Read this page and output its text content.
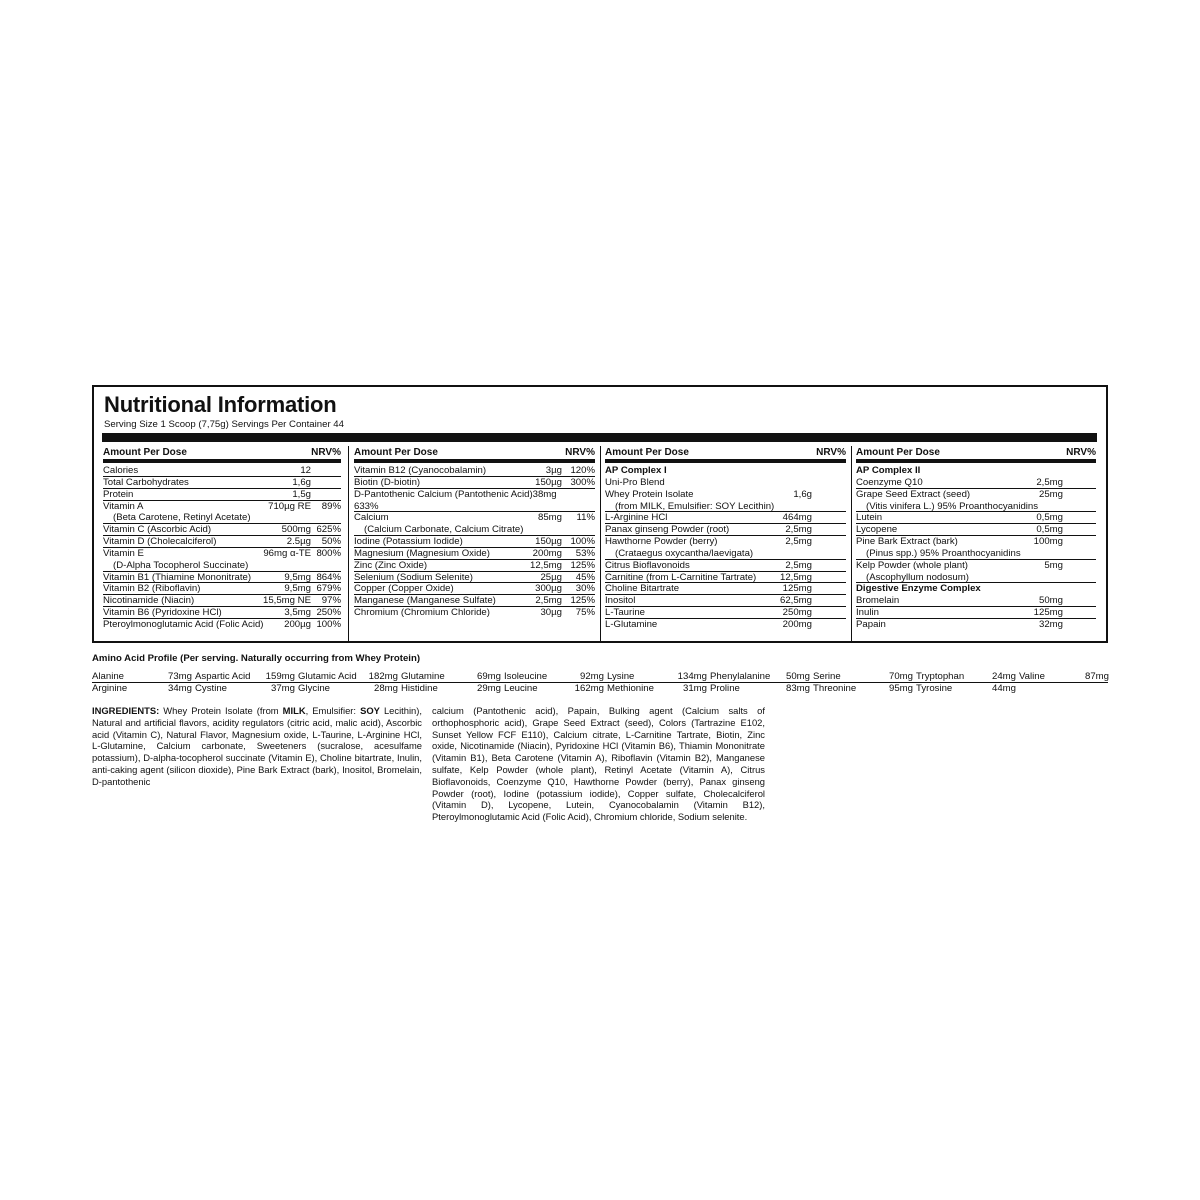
Nutritional Information
Serving Size 1 Scoop (7,75g) Servings Per Container 44
Amount Per Dose	NRV%
Calories	12
Total Carbohydrates	1,6g
Protein	1,5g
Vitamin A	710µg RE 89%
(Beta Carotene, Retinyl Acetate)
Vitamin C (Ascorbic Acid)	500mg 625%
Vitamin D (Cholecalciferol)	2.5µg 50%
Vitamin E	96mg α-TE 800%
(D-Alpha Tocopherol Succinate)
Vitamin B1 (Thiamine Mononitrate)	9,5mg 864%
Vitamin B2 (Riboflavin)	9,5mg 679%
Nicotinamide (Niacin)	15,5mg NE 97%
Vitamin B6 (Pyridoxine HCl)	3,5mg 250%
Pteroylmonoglutamic Acid (Folic Acid) 200µg 100%
Amount Per Dose	NRV%
Vitamin B12 (Cyanocobalamin)	3µg 120%
Biotin (D-biotin)	150µg 300%
D-Pantothenic Calcium (Pantothenic Acid)38mg
633%
Calcium	85mg 11%
(Calcium Carbonate, Calcium Citrate)
Iodine (Potassium Iodide)	150µg 100%
Magnesium (Magnesium Oxide)	200mg 53%
Zinc (Zinc Oxide)	12,5mg 125%
Selenium (Sodium Selenite)	25µg 45%
Copper (Copper Oxide)	300µg 30%
Manganese (Manganese Sulfate)	2,5mg 125%
Chromium (Chromium Chloride)	30µg 75%
Amount Per Dose	NRV%
AP Complex I
Uni-Pro Blend
Whey Protein Isolate	1,6g
(from MILK, Emulsifier: SOY Lecithin)
L-Arginine HCl	464mg
Panax ginseng Powder (root)	2,5mg
Hawthorne Powder (berry)	2,5mg
(Crataegus oxycantha/laevigata)
Citrus Bioflavonoids	2,5mg
Carnitine (from L-Carnitine Tartrate) 12,5mg
Choline Bitartrate	125mg
Inositol	62,5mg
L-Taurine	250mg
L-Glutamine	200mg
Amount Per Dose	NRV%
AP Complex II
Coenzyme Q10	2,5mg
Grape Seed Extract (seed)	25mg
(Vitis vinifera L.) 95% Proanthocyanidins
Lutein	0,5mg
Lycopene	0,5mg
Pine Bark Extract (bark)	100mg
(Pinus spp.) 95% Proanthocyanidins
Kelp Powder (whole plant)	5mg
(Ascophyllum nodosum)
Digestive Enzyme Complex
Bromelain	50mg
Inulin	125mg
Papain	32mg
Amino Acid Profile (Per serving. Naturally occurring from Whey Protein)
Alanine	73mg Aspartic Acid 159mg Glutamic Acid 182mg Glutamine	69mg Isoleucine	92mg Lysine	134mg Phenylalanine 50mg Serine	70mg Tryptophan	24mg Valine	87mg
Arginine	34mg Cystine	37mg Glycine	28mg Histidine	29mg Leucine	162mg Methionine	31mg Proline	83mg Threonine	95mg Tyrosine	44mg
INGREDIENTS: Whey Protein Isolate (from MILK, Emulsifier: SOY Lecithin), Natural and artificial flavors, acidity regulators (citric acid, malic acid), Ascorbic acid (Vitamin C), Natural Flavor, Magnesium oxide, L-Taurine, L-Arginine HCl, L-Glutamine, Calcium carbonate, Sweeteners (sucralose, acesulfame potassium), D-alpha-tocopherol succinate (Vitamin E), Choline bitartrate, Inulin, anti-caking agent (silicon dioxide), Pine Bark Extract (bark), Inositol, Bromelain, D-pantothenic
calcium (Pantothenic acid), Papain, Bulking agent (Calcium salts of orthophosphoric acid), Grape Seed Extract (seed), Colors (Tartrazine E102, Sunset Yellow FCF E110), Calcium citrate, L-Carnitine Tartrate, Biotin, Zinc oxide, Nicotinamide (Niacin), Pyridoxine HCl (Vitamin B6), Thiamin Mononitrate (Vitamin B1), Beta Carotene (Vitamin A), Riboflavin (Vitamin B2), Manganese sulfate, Kelp Powder (whole plant), Retinyl Acetate (Vitamin A), Citrus Bioflavonoids, Coenzyme Q10, Hawthorne Powder (berry), Panax ginseng Powder (root), Iodine (potassium iodide), Copper sulfate, Cholecalciferol (Vitamin D), Lycopene, Lutein, Cyanocobalamin (Vitamin B12), Pteroylmonoglutamic Acid (Folic Acid), Chromium chloride, Sodium selenite.
